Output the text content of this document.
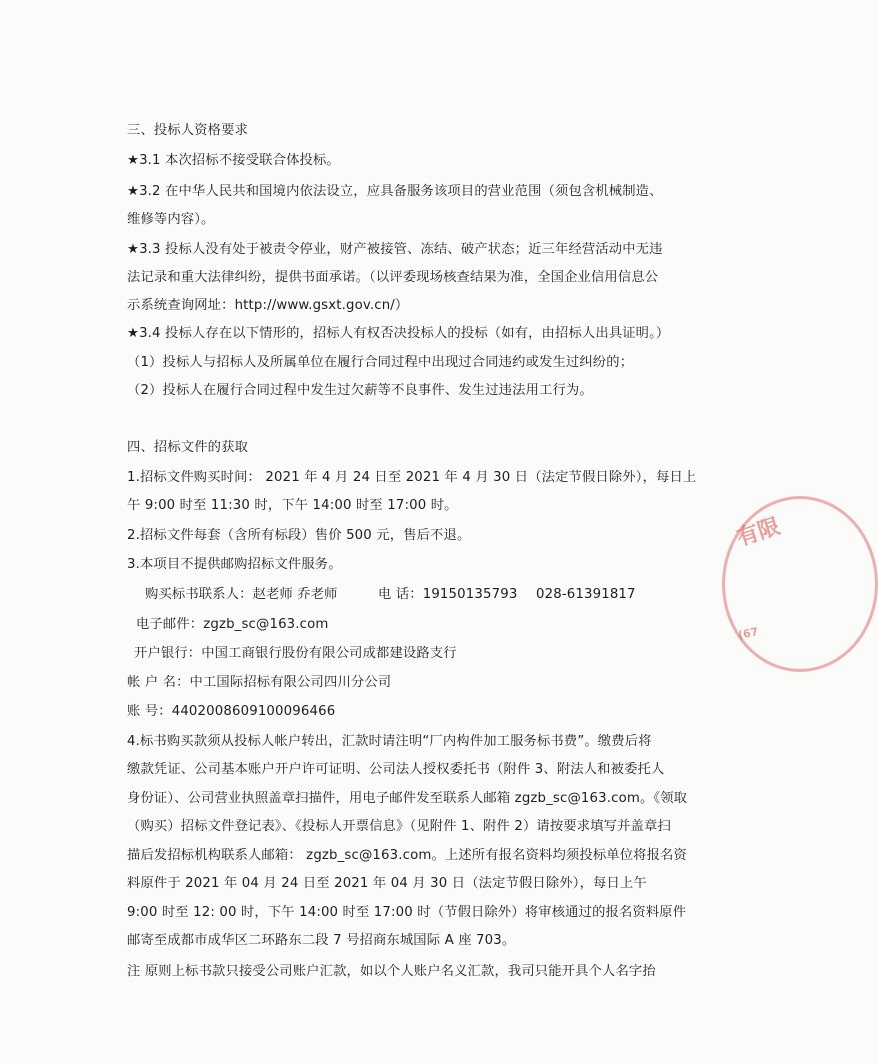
三、投标人资格要求
★3.1 本次招标不接受联合体投标。
★3.2 在中华人民共和国境内依法设立，应具备服务该项目的营业范围（须包含机械制造、
维修等内容）。
★3.3 投标人没有处于被责令停业，财产被接管、冻结、破产状态；近三年经营活动中无违
法记录和重大法律纠纷，提供书面承诺。（以评委现场核查结果为准，全国企业信用信息公
示系统查询网址：http://www.gsxt.gov.cn/）
★3.4 投标人存在以下情形的，招标人有权否决投标人的投标（如有，由招标人出具证明。）
（1）投标人与招标人及所属单位在履行合同过程中出现过合同违约或发生过纠纷的；
（2）投标人在履行合同过程中发生过欠薪等不良事件、发生过违法用工行为。
四、招标文件的获取
1.招标文件购买时间： 2021 年 4 月 24 日至 2021 年 4 月 30 日（法定节假日除外），每日上
午 9:00 时至 11:30 时，下午 14:00 时至 17:00 时。
2.招标文件每套（含所有标段）售价 500 元，售后不退。
3.本项目不提供邮购招标文件服务。
购买标书联系人：赵老师 乔老师	电 话：19150135793 028-61391817
电子邮件：zgzb_sc@163.com
开户银行：中国工商银行股份有限公司成都建设路支行
帐 户 名：中工国际招标有限公司四川分公司
账 号：4402008609100096466
4.标书购买款须从投标人帐户转出，汇款时请注明“厂内构件加工服务标书费”。缴费后将
缴款凭证、公司基本账户开户许可证明、公司法人授权委托书（附件 3、附法人和被委托人
身份证）、公司营业执照盖章扫描件，用电子邮件发至联系人邮箱 zgzb_sc@163.com。《领取
（购买）招标文件登记表》、《投标人开票信息》（见附件 1、附件 2）请按要求填写并盖章扫
描后发招标机构联系人邮箱： zgzb_sc@163.com。上述所有报名资料均须投标单位将报名资
料原件于 2021 年 04 月 24 日至 2021 年 04 月 30 日（法定节假日除外），每日上午
9:00 时至 12: 00 时，下午 14:00 时至 17:00 时（节假日除外）将审核通过的报名资料原件
邮寄至成都市成华区二环路东二段 7 号招商东城国际 A 座 703。
注 原则上标书款只接受公司账户汇款，如以个人账户名义汇款，我司只能开具个人名字抬
有限
(67
